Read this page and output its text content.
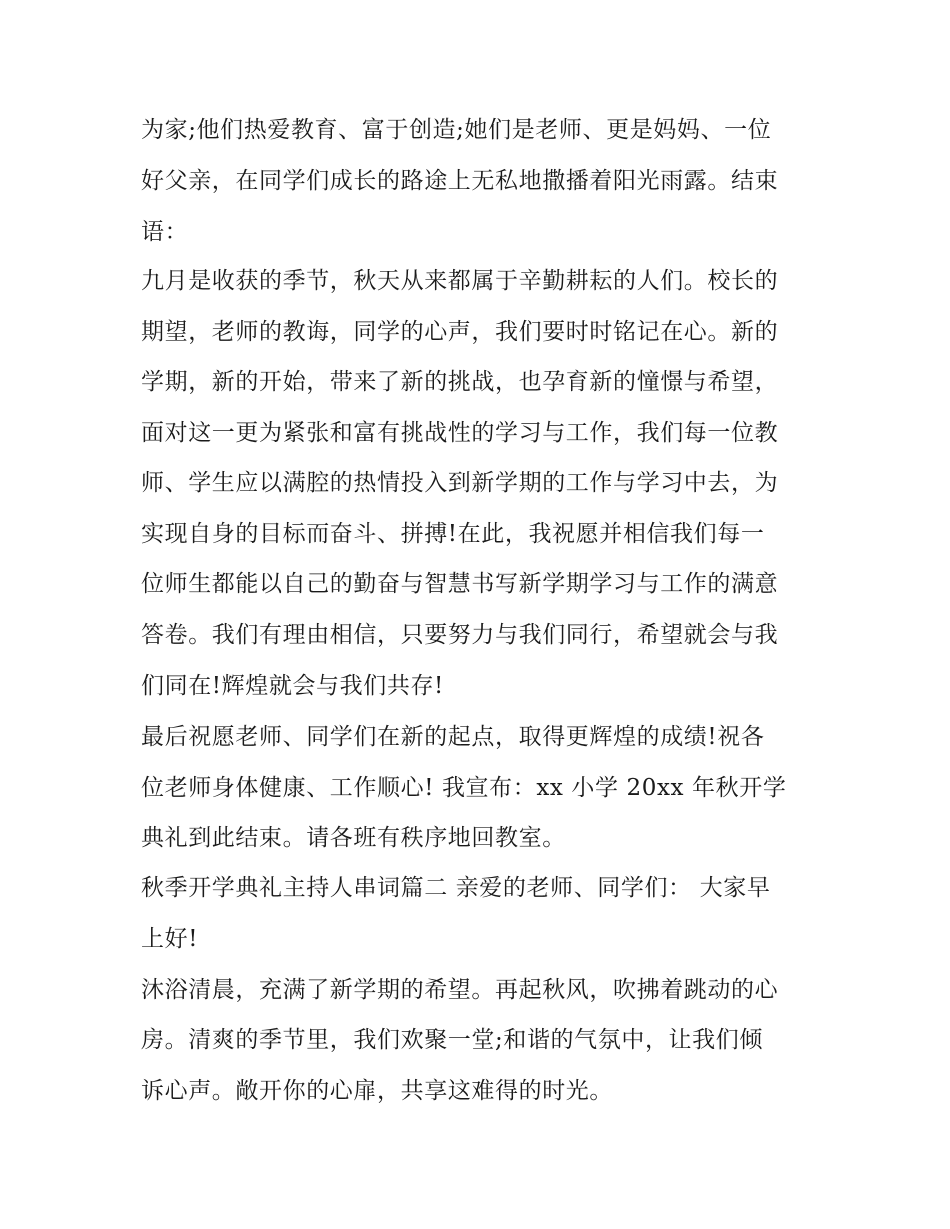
为家;他们热爱教育、富于创造;她们是老师、更是妈妈、一位

好父亲，在同学们成长的路途上无私地撒播着阳光雨露。结束

语：

九月是收获的季节，秋天从来都属于辛勤耕耘的人们。校长的

期望，老师的教诲，同学的心声，我们要时时铭记在心。新的

学期，新的开始，带来了新的挑战，也孕育新的憧憬与希望，

面对这一更为紧张和富有挑战性的学习与工作，我们每一位教

师、学生应以满腔的热情投入到新学期的工作与学习中去，为

实现自身的目标而奋斗、拼搏!在此，我祝愿并相信我们每一

位师生都能以自己的勤奋与智慧书写新学期学习与工作的满意

答卷。我们有理由相信，只要努力与我们同行，希望就会与我

们同在!辉煌就会与我们共存!

最后祝愿老师、同学们在新的起点，取得更辉煌的成绩!祝各

位老师身体健康、工作顺心! 我宣布：xx 小学 20xx 年秋开学

典礼到此结束。请各班有秩序地回教室。

秋季开学典礼主持人串词篇二 亲爱的老师、同学们： 大家早

上好!

沐浴清晨，充满了新学期的希望。再起秋风，吹拂着跳动的心

房。清爽的季节里，我们欢聚一堂;和谐的气氛中，让我们倾

诉心声。敞开你的心扉，共享这难得的时光。
